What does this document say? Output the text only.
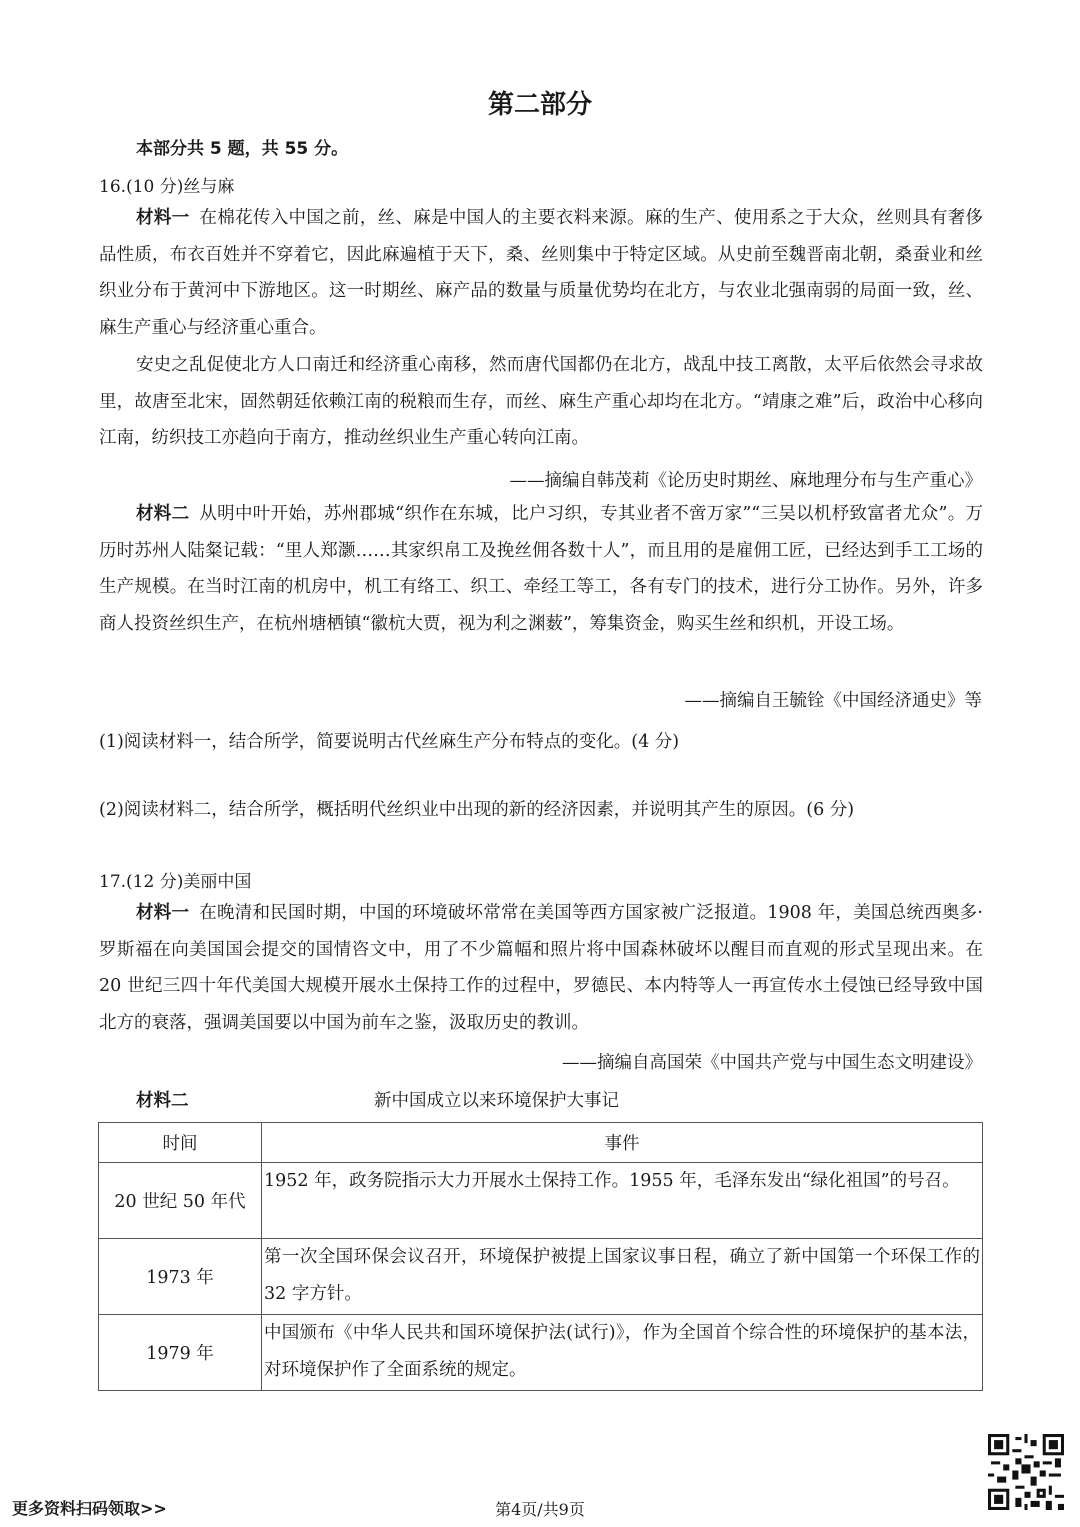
第二部分
本部分共 5 题，共 55 分。
16.(10 分)丝与麻

材料一 在棉花传入中国之前，丝、麻是中国人的主要衣料来源。麻的生产、使用系之于大众，丝则具有奢侈品性质，布衣百姓并不穿着它，因此麻遍植于天下，桑、丝则集中于特定区域。从史前至魏晋南北朝，桑蚕业和丝织业分布于黄河中下游地区。这一时期丝、麻产品的数量与质量优势均在北方，与农业北强南弱的局面一致，丝、麻生产重心与经济重心重合。

安史之乱促使北方人口南迁和经济重心南移，然而唐代国都仍在北方，战乱中技工离散，太平后依然会寻求故里，故唐至北宋，固然朝廷依赖江南的税粮而生存，而丝、麻生产重心却均在北方。“靖康之难”后，政治中心移向江南，纺织技工亦趋向于南方，推动丝织业生产重心转向江南。

——摘编自韩茂莉《论历史时期丝、麻地理分布与生产重心》

材料二 从明中叶开始，苏州郡城“织作在东城，比户习织，专其业者不啻万家”“三吴以机杼致富者尤众”。万历时苏州人陆粲记载：“里人郑灏……其家织帛工及挽丝佣各数十人”，而且用的是雇佣工匠，已经达到手工工场的生产规模。在当时江南的机房中，机工有络工、织工、牵经工等工，各有专门的技术，进行分工协作。另外，许多商人投资丝织生产，在杭州塘栖镇“徽杭大贾，视为利之渊薮”，筹集资金，购买生丝和织机，开设工场。

——摘编自王毓铨《中国经济通史》等
(1)阅读材料一，结合所学，简要说明古代丝麻生产分布特点的变化。(4 分)
(2)阅读材料二，结合所学，概括明代丝织业中出现的新的经济因素，并说明其产生的原因。(6 分)
17.(12 分)美丽中国

材料一 在晚清和民国时期，中国的环境破坏常常在美国等西方国家被广泛报道。1908 年，美国总统西奥多·罗斯福在向美国国会提交的国情咨文中，用了不少篇幅和照片将中国森林破坏以醒目而直观的形式呈现出来。在 20 世纪三四十年代美国大规模开展水土保持工作的过程中，罗德民、本内特等人一再宣传水土侵蚀已经导致中国北方的衰落，强调美国要以中国为前车之鉴，汲取历史的教训。

——摘编自高国荣《中国共产党与中国生态文明建设》
材料二	新中国成立以来环境保护大事记
时间	事件
20 世纪 50 年代	1952 年，政务院指示大力开展水土保持工作。1955 年，毛泽东发出“绿化祖国”的号召。
1973 年	第一次全国环保会议召开，环境保护被提上国家议事日程，确立了新中国第一个环保工作的 32 字方针。
1979 年	中国颁布《中华人民共和国环境保护法(试行)》，作为全国首个综合性的环境保护的基本法，对环境保护作了全面系统的规定。
更多资料扫码领取>>	第4页/共9页
